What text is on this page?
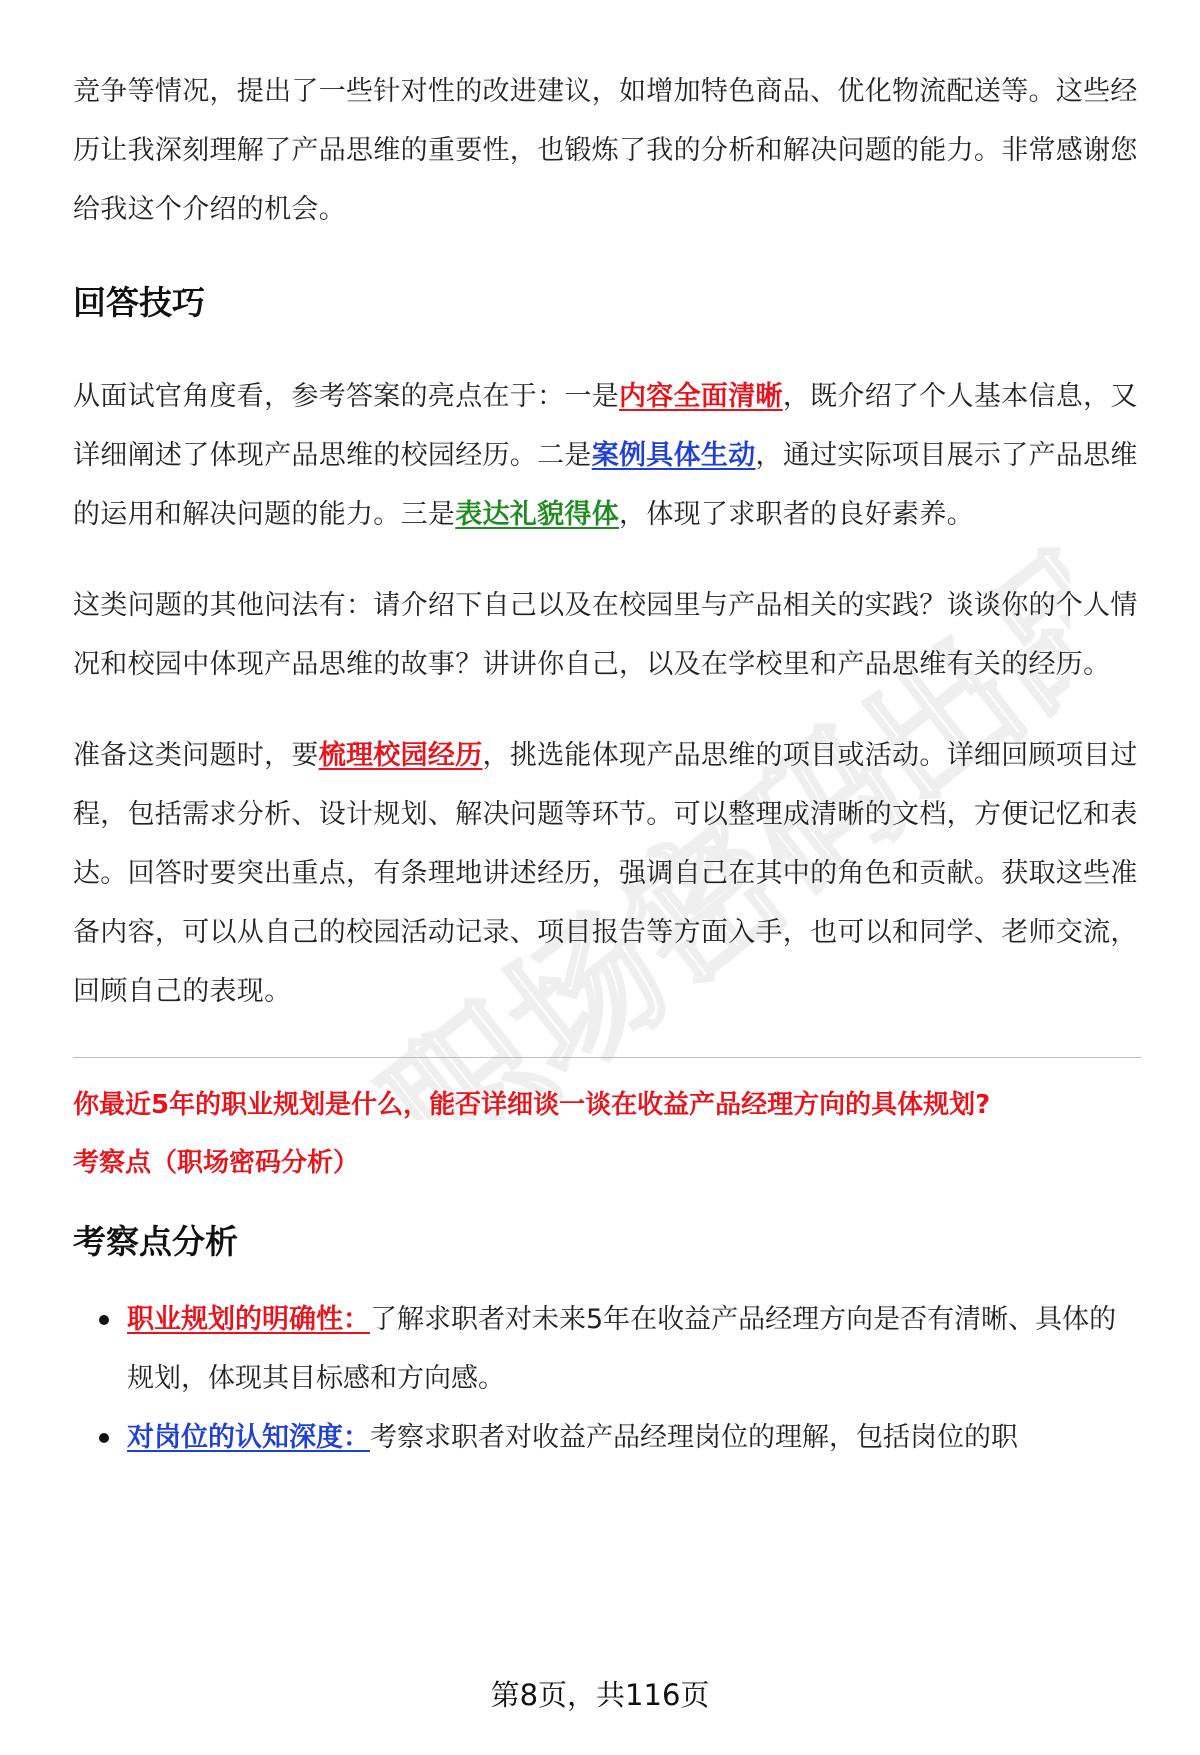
职场密码出品

竞争等情况，提出了一些针对性的改进建议，如增加特色商品、优化物流配送等。这些经历让我深刻理解了产品思维的重要性，也锻炼了我的分析和解决问题的能力。非常感谢您给我这个介绍的机会。

回答技巧

从面试官角度看，参考答案的亮点在于：一是内容全面清晰，既介绍了个人基本信息，又详细阐述了体现产品思维的校园经历。二是案例具体生动，通过实际项目展示了产品思维的运用和解决问题的能力。三是表达礼貌得体，体现了求职者的良好素养。

这类问题的其他问法有：请介绍下自己以及在校园里与产品相关的实践？谈谈你的个人情况和校园中体现产品思维的故事？讲讲你自己，以及在学校里和产品思维有关的经历。

准备这类问题时，要梳理校园经历，挑选能体现产品思维的项目或活动。详细回顾项目过程，包括需求分析、设计规划、解决问题等环节。可以整理成清晰的文档，方便记忆和表达。回答时要突出重点，有条理地讲述经历，强调自己在其中的角色和贡献。获取这些准备内容，可以从自己的校园活动记录、项目报告等方面入手，也可以和同学、老师交流，回顾自己的表现。

你最近5年的职业规划是什么，能否详细谈一谈在收益产品经理方向的具体规划?
考察点（职场密码分析）
考察点分析
职业规划的明确性：了解求职者对未来5年在收益产品经理方向是否有清晰、具体的规划，体现其目标感和方向感。
对岗位的认知深度：考察求职者对收益产品经理岗位的理解，包括岗位的职
第8页，共116页
